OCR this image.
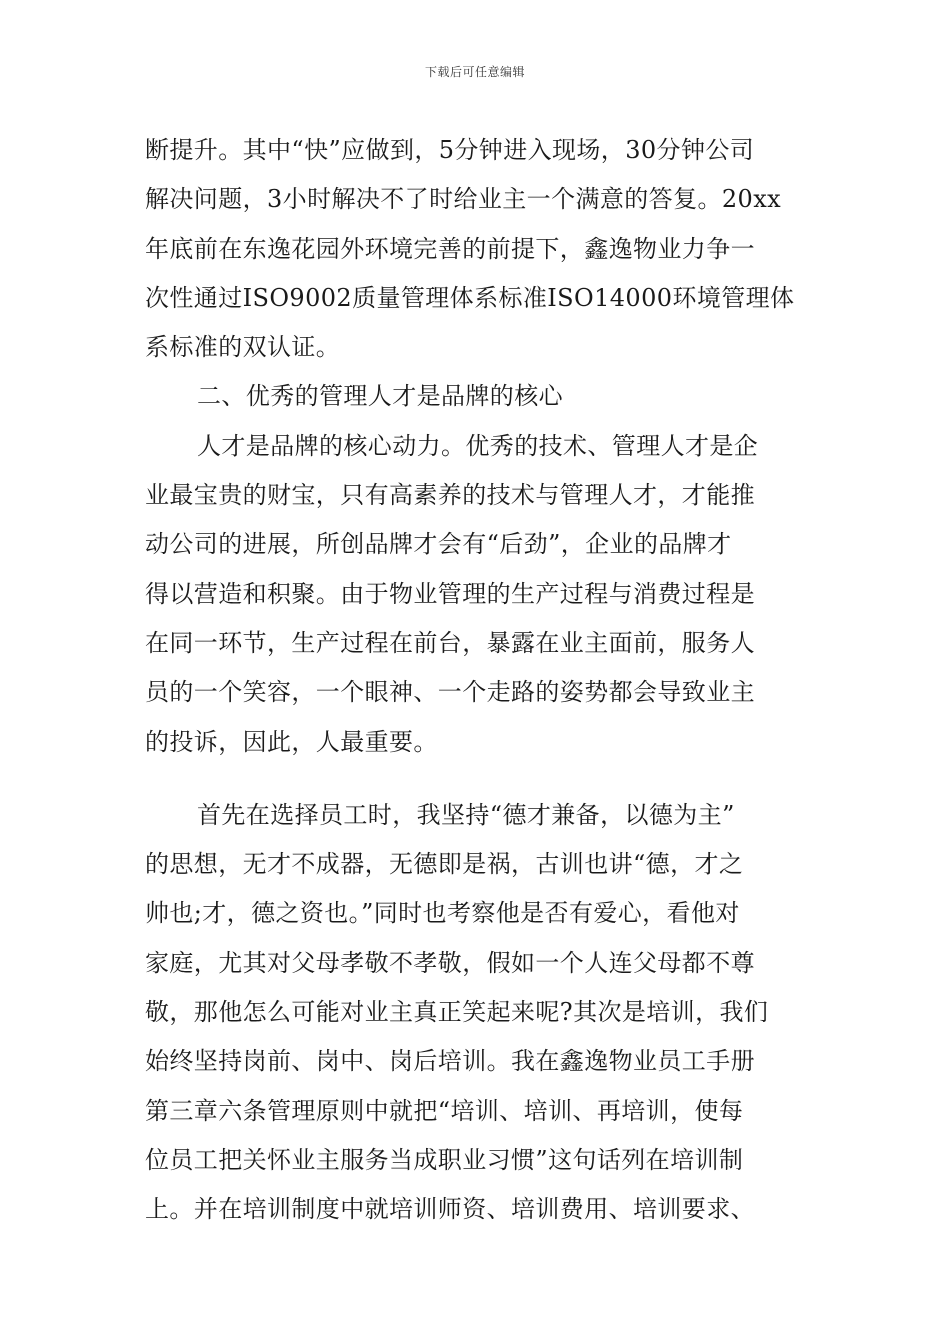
下载后可任意编辑
断提升。其中“快”应做到，5分钟进入现场，30分钟公司
解决问题，3小时解决不了时给业主一个满意的答复。20xx
年底前在东逸花园外环境完善的前提下，鑫逸物业力争一
次性通过ISO9002质量管理体系标准ISO14000环境管理体
系标准的双认证。
二、优秀的管理人才是品牌的核心
人才是品牌的核心动力。优秀的技术、管理人才是企
业最宝贵的财宝，只有高素养的技术与管理人才，才能推
动公司的进展，所创品牌才会有“后劲”，企业的品牌才
得以营造和积聚。由于物业管理的生产过程与消费过程是
在同一环节，生产过程在前台，暴露在业主面前，服务人
员的一个笑容，一个眼神、一个走路的姿势都会导致业主
的投诉，因此，人最重要。
首先在选择员工时，我坚持“德才兼备，以德为主”
的思想，无才不成器，无德即是祸，古训也讲“德，才之
帅也;才，德之资也。”同时也考察他是否有爱心，看他对
家庭，尤其对父母孝敬不孝敬，假如一个人连父母都不尊
敬，那他怎么可能对业主真正笑起来呢?其次是培训，我们
始终坚持岗前、岗中、岗后培训。我在鑫逸物业员工手册
第三章六条管理原则中就把“培训、培训、再培训，使每
位员工把关怀业主服务当成职业习惯”这句话列在培训制
上。并在培训制度中就培训师资、培训费用、培训要求、
